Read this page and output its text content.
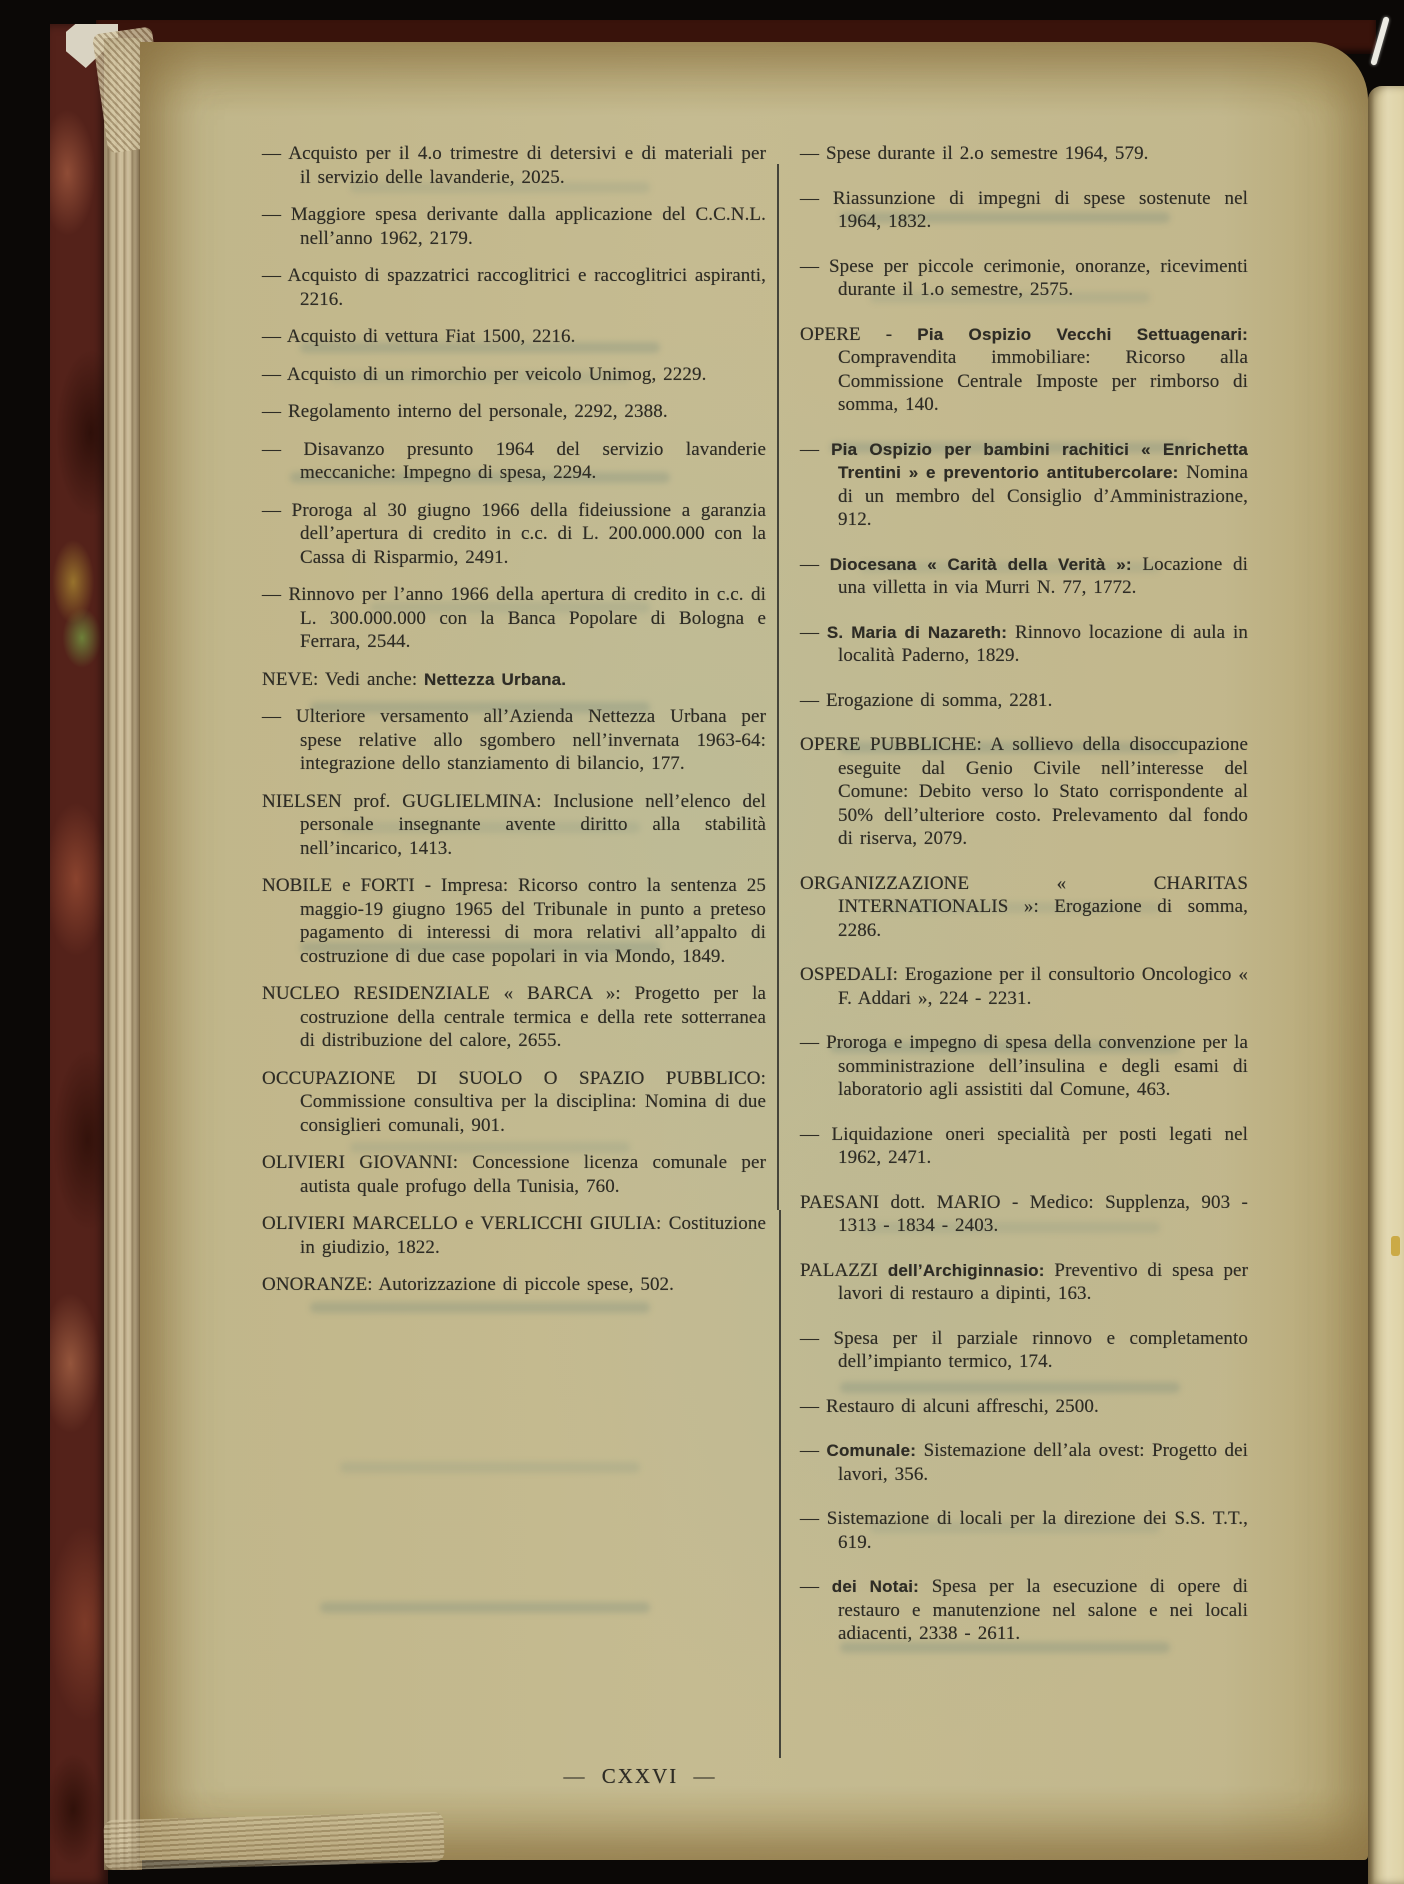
— Acquisto per il 4.o trimestre di detersivi e di materiali per il servizio delle lavanderie, 2025.
— Maggiore spesa derivante dalla applicazione del C.C.N.L. nell’anno 1962, 2179.
— Acquisto di spazzatrici raccoglitrici e raccoglitrici aspiranti, 2216.
— Acquisto di vettura Fiat 1500, 2216.
— Acquisto di un rimorchio per veicolo Unimog, 2229.
— Regolamento interno del personale, 2292, 2388.
— Disavanzo presunto 1964 del servizio lavanderie meccaniche: Impegno di spesa, 2294.
— Proroga al 30 giugno 1966 della fideiussione a garanzia dell’apertura di credito in c.c. di L. 200.000.000 con la Cassa di Risparmio, 2491.
— Rinnovo per l’anno 1966 della apertura di credito in c.c. di L. 300.000.000 con la Banca Popolare di Bologna e Ferrara, 2544.
NEVE: Vedi anche: Nettezza Urbana.
— Ulteriore versamento all’Azienda Nettezza Urbana per spese relative allo sgombero nell’invernata 1963-64: integrazione dello stanziamento di bilancio, 177.
NIELSEN prof. GUGLIELMINA: Inclusione nell’elenco del personale insegnante avente diritto alla stabilità nell’incarico, 1413.
NOBILE e FORTI - Impresa: Ricorso contro la sentenza 25 maggio-19 giugno 1965 del Tribunale in punto a preteso pagamento di interessi di mora relativi all’appalto di costruzione di due case popolari in via Mondo, 1849.
NUCLEO RESIDENZIALE « BARCA »: Progetto per la costruzione della centrale termica e della rete sotterranea di distribuzione del calore, 2655.
OCCUPAZIONE DI SUOLO O SPAZIO PUBBLICO: Commissione consultiva per la disciplina: Nomina di due consiglieri comunali, 901.
OLIVIERI GIOVANNI: Concessione licenza comunale per autista quale profugo della Tunisia, 760.
OLIVIERI MARCELLO e VERLICCHI GIULIA: Costituzione in giudizio, 1822.
ONORANZE: Autorizzazione di piccole spese, 502.
— Spese durante il 2.o semestre 1964, 579.
— Riassunzione di impegni di spese sostenute nel 1964, 1832.
— Spese per piccole cerimonie, onoranze, ricevimenti durante il 1.o semestre, 2575.
OPERE - Pia Ospizio Vecchi Settuagenari: Compravendita immobiliare: Ricorso alla Commissione Centrale Imposte per rimborso di somma, 140.
— Pia Ospizio per bambini rachitici « Enrichetta Trentini » e preventorio antitubercolare: Nomina di un membro del Consiglio d’Amministrazione, 912.
— Diocesana « Carità della Verità »: Locazione di una villetta in via Murri N. 77, 1772.
— S. Maria di Nazareth: Rinnovo locazione di aula in località Paderno, 1829.
— Erogazione di somma, 2281.
OPERE PUBBLICHE: A sollievo della disoccupazione eseguite dal Genio Civile nell’interesse del Comune: Debito verso lo Stato corrispondente al 50% dell’ulteriore costo. Prelevamento dal fondo di riserva, 2079.
ORGANIZZAZIONE « CHARITAS INTERNATIONALIS »: Erogazione di somma, 2286.
OSPEDALI: Erogazione per il consultorio Oncologico « F. Addari », 224 - 2231.
— Proroga e impegno di spesa della convenzione per la somministrazione dell’insulina e degli esami di laboratorio agli assistiti dal Comune, 463.
— Liquidazione oneri specialità per posti legati nel 1962, 2471.
PAESANI dott. MARIO - Medico: Supplenza, 903 - 1313 - 1834 - 2403.
PALAZZI dell’Archiginnasio: Preventivo di spesa per lavori di restauro a dipinti, 163.
— Spesa per il parziale rinnovo e completamento dell’impianto termico, 174.
— Restauro di alcuni affreschi, 2500.
— Comunale: Sistemazione dell’ala ovest: Progetto dei lavori, 356.
— Sistemazione di locali per la direzione dei S.S. T.T., 619.
— dei Notai: Spesa per la esecuzione di opere di restauro e manutenzione nel salone e nei locali adiacenti, 2338 - 2611.
— CXXVI —
